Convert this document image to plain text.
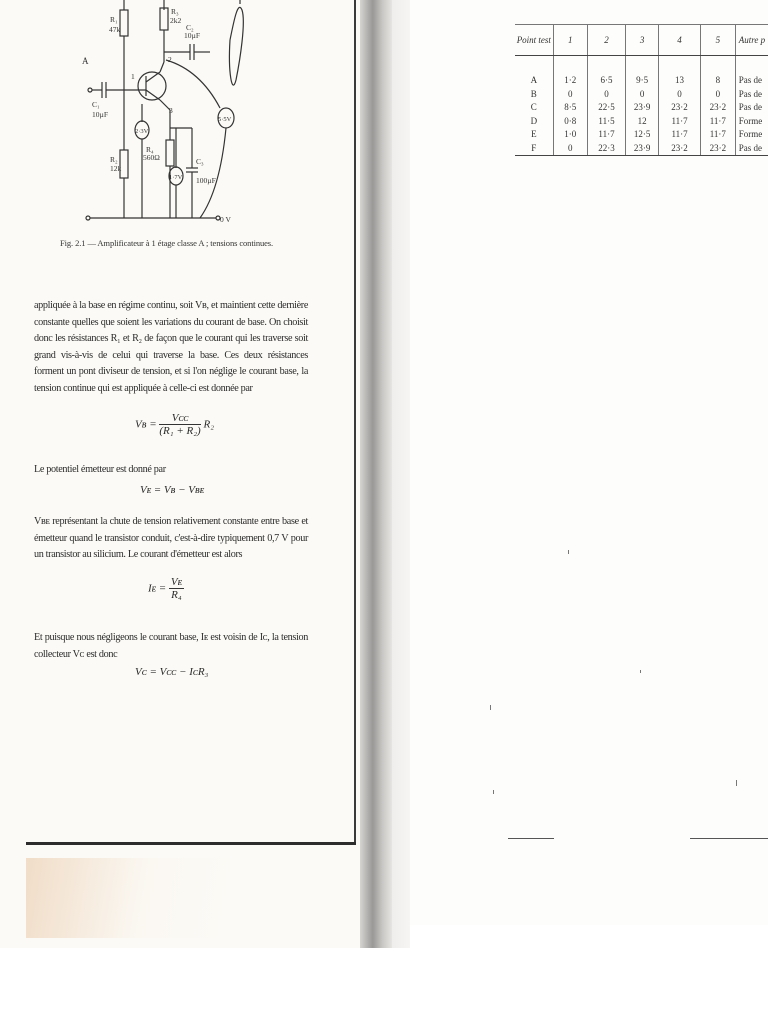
R₁
47k
R₃
2k2
C₂
10µF
R₂
12k
R₄
560Ω	C₃
100µF
C₁
10µF
A
1
2
3
2·3V
1·7V
5·5V
0 V
Fig. 2.1 — Amplificateur à 1 étage classe A ; tensions continues.
appliquée à la base en régime continu, soit Vʙ, et maintient cette dernière constante quelles que soient les variations du courant de base. On choisit donc les résistances R₁ et R₂ de façon que le courant qui les traverse soit grand vis-à-vis de celui qui traverse la base. Ces deux résistances forment un pont diviseur de tension, et si l'on néglige le courant base, la tension continue qui est appliquée à celle-ci est donnée par
Vʙ = $\frac{\text{Vᴄᴄ}}{\text{(R₁ + R₂)}} R_2$
Le potentiel émetteur est donné par
Vᴇ = Vʙ − Vʙᴇ
Vʙᴇ représentant la chute de tension relativement constante entre base et émetteur quand le transistor conduit, c'est-à-dire typiquement 0,7 V pour un transistor au silicium. Le courant d'émetteur est alors
Iᴇ = $\frac{\text{Vᴇ}}{\text{R₄}}$
Et puisque nous négligeons le courant base, Iᴇ est voisin de Iᴄ, la tension collecteur Vᴄ est donc
Vᴄ = Vᴄᴄ − IᴄR₃
Point test	1	2	3	4	5	Autre p

A	1·2	6·5	9·5	13	8	Pas de
B	0	0	0	0	0	Pas de
C	8·5	22·5	23·9	23·2	23·2	Pas de
D	0·8	11·5	12	11·7	11·7	Forme
E	1·0	11·7	12·5	11·7	11·7	Forme
F	0	22·3	23·9	23·2	23·2	Pas de
